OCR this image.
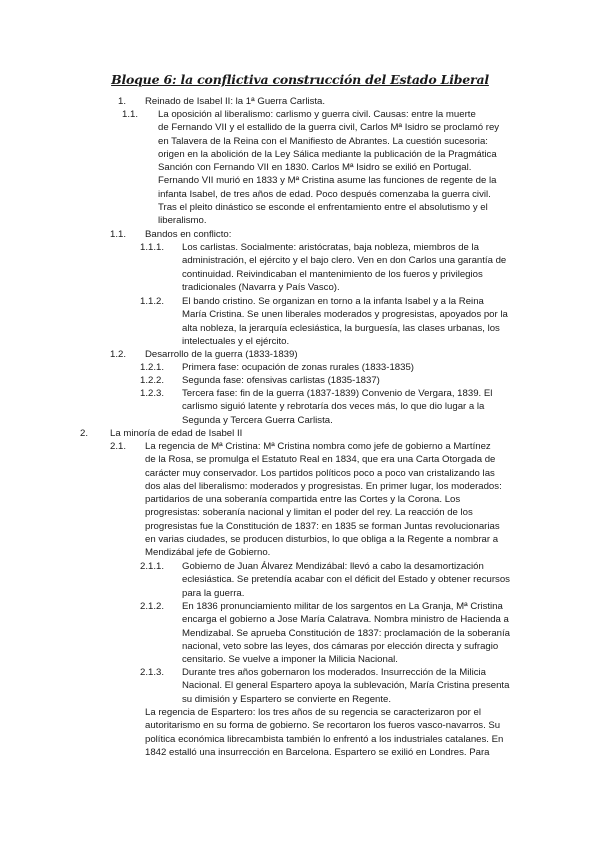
Bloque 6: la conflictiva construcción del Estado Liberal
1. Reinado de Isabel II: la 1ª Guerra Carlista.
1.1. La oposición al liberalismo: carlismo y guerra civil. Causas: entre la muerte
de Fernando VII y el estallido de la guerra civil, Carlos Mª Isidro se proclamó rey
en Talavera de la Reina con el Manifiesto de Abrantes. La cuestión sucesoria:
origen en la abolición de la Ley Sálica mediante la publicación de la Pragmática
Sanción con Fernando VII en 1830. Carlos Mª Isidro se exilió en Portugal.
Fernando VII murió en 1833 y Mª Cristina asume las funciones de regente de la
infanta Isabel, de tres años de edad. Poco después comenzaba la guerra civil.
Tras el pleito dinástico se esconde el enfrentamiento entre el absolutismo y el
liberalismo.
1.1. Bandos en conflicto:
1.1.1. Los carlistas. Socialmente: aristócratas, baja nobleza, miembros de la
administración, el ejército y el bajo clero. Ven en don Carlos una garantía de
continuidad. Reivindicaban el mantenimiento de los fueros y privilegios
tradicionales (Navarra y País Vasco).
1.1.2. El bando cristino. Se organizan en torno a la infanta Isabel y a la Reina
María Cristina. Se unen liberales moderados y progresistas, apoyados por la
alta nobleza, la jerarquía eclesiástica, la burguesía, las clases urbanas, los
intelectuales y el ejército.
1.2. Desarrollo de la guerra (1833-1839)
1.2.1. Primera fase: ocupación de zonas rurales (1833-1835)
1.2.2. Segunda fase: ofensivas carlistas (1835-1837)
1.2.3. Tercera fase: fin de la guerra (1837-1839) Convenio de Vergara, 1839. El
carlismo siguió latente y rebrotaría dos veces más, lo que dio lugar a la
Segunda y Tercera Guerra Carlista.
2. La minoría de edad de Isabel II
2.1. La regencia de Mª Cristina: Mª Cristina nombra como jefe de gobierno a Martínez
de la Rosa, se promulga el Estatuto Real en 1834, que era una Carta Otorgada de
carácter muy conservador. Los partidos políticos poco a poco van cristalizando las
dos alas del liberalismo: moderados y progresistas. En primer lugar, los moderados:
partidarios de una soberanía compartida entre las Cortes y la Corona. Los
progresistas: soberanía nacional y limitan el poder del rey. La reacción de los
progresistas fue la Constitución de 1837: en 1835 se forman Juntas revolucionarias
en varias ciudades, se producen disturbios, lo que obliga a la Regente a nombrar a
Mendizábal jefe de Gobierno.
2.1.1. Gobierno de Juan Álvarez Mendizábal: llevó a cabo la desamortización
eclesiástica. Se pretendía acabar con el déficit del Estado y obtener recursos
para la guerra.
2.1.2. En 1836 pronunciamiento militar de los sargentos en La Granja, Mª Cristina
encarga el gobierno a Jose María Calatrava. Nombra ministro de Hacienda a
Mendizabal. Se aprueba Constitución de 1837: proclamación de la soberanía
nacional, veto sobre las leyes, dos cámaras por elección directa y sufragio
censitario. Se vuelve a imponer la Milicia Nacional.
2.1.3. Durante tres años gobernaron los moderados. Insurrección de la Milicia
Nacional. El general Espartero apoya la sublevación, María Cristina presenta
su dimisión y Espartero se convierte en Regente.
La regencia de Espartero: los tres años de su regencia se caracterizaron por el
autoritarismo en su forma de gobierno. Se recortaron los fueros vasco-navarros. Su
política económica librecambista también lo enfrentó a los industriales catalanes. En
1842 estalló una insurrección en Barcelona. Espartero se exilió en Londres. Para
